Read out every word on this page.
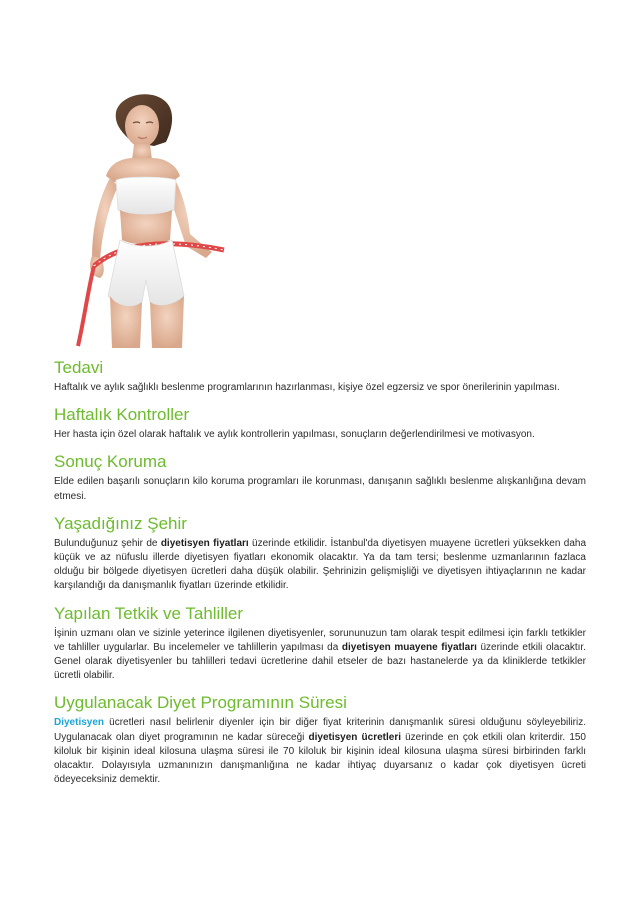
Tedavi

Haftalık ve aylık sağlıklı beslenme programlarının hazırlanması, kişiye özel egzersiz ve spor önerilerinin yapılması.

Haftalık Kontroller

Her hasta için özel olarak haftalık ve aylık kontrollerin yapılması, sonuçların değerlendirilmesi ve motivasyon.

Sonuç Koruma

Elde edilen başarılı sonuçların kilo koruma programları ile korunması, danışanın sağlıklı beslenme alışkanlığına devam etmesi.

Yaşadığınız Şehir

Bulunduğunuz şehir de diyetisyen fiyatları üzerinde etkilidir. İstanbul'da diyetisyen muayene ücretleri yüksekken daha küçük ve az nüfuslu illerde diyetisyen fiyatları ekonomik olacaktır. Ya da tam tersi; beslenme uzmanlarının fazlaca olduğu bir bölgede diyetisyen ücretleri daha düşük olabilir. Şehrinizin gelişmişliği ve diyetisyen ihtiyaçlarının ne kadar karşılandığı da danışmanlık fiyatları üzerinde etkilidir.

Yapılan Tetkik ve Tahliller

İşinin uzmanı olan ve sizinle yeterince ilgilenen diyetisyenler, sorununuzun tam olarak tespit edilmesi için farklı tetkikler ve tahliller uygularlar. Bu incelemeler ve tahlillerin yapılması da diyetisyen muayene fiyatları üzerinde etkili olacaktır. Genel olarak diyetisyenler bu tahlilleri tedavi ücretlerine dahil etseler de bazı hastanelerde ya da kliniklerde tetkikler ücretli olabilir.

Uygulanacak Diyet Programının Süresi

Diyetisyen ücretleri nasıl belirlenir diyenler için bir diğer fiyat kriterinin danışmanlık süresi olduğunu söyleyebiliriz. Uygulanacak olan diyet programının ne kadar süreceği diyetisyen ücretleri üzerinde en çok etkili olan kriterdir. 150 kiloluk bir kişinin ideal kilosuna ulaşma süresi ile 70 kiloluk bir kişinin ideal kilosuna ulaşma süresi birbirinden farklı olacaktır. Dolayısıyla uzmanınızın danışmanlığına ne kadar ihtiyaç duyarsanız o kadar çok diyetisyen ücreti ödeyeceksiniz demektir.
